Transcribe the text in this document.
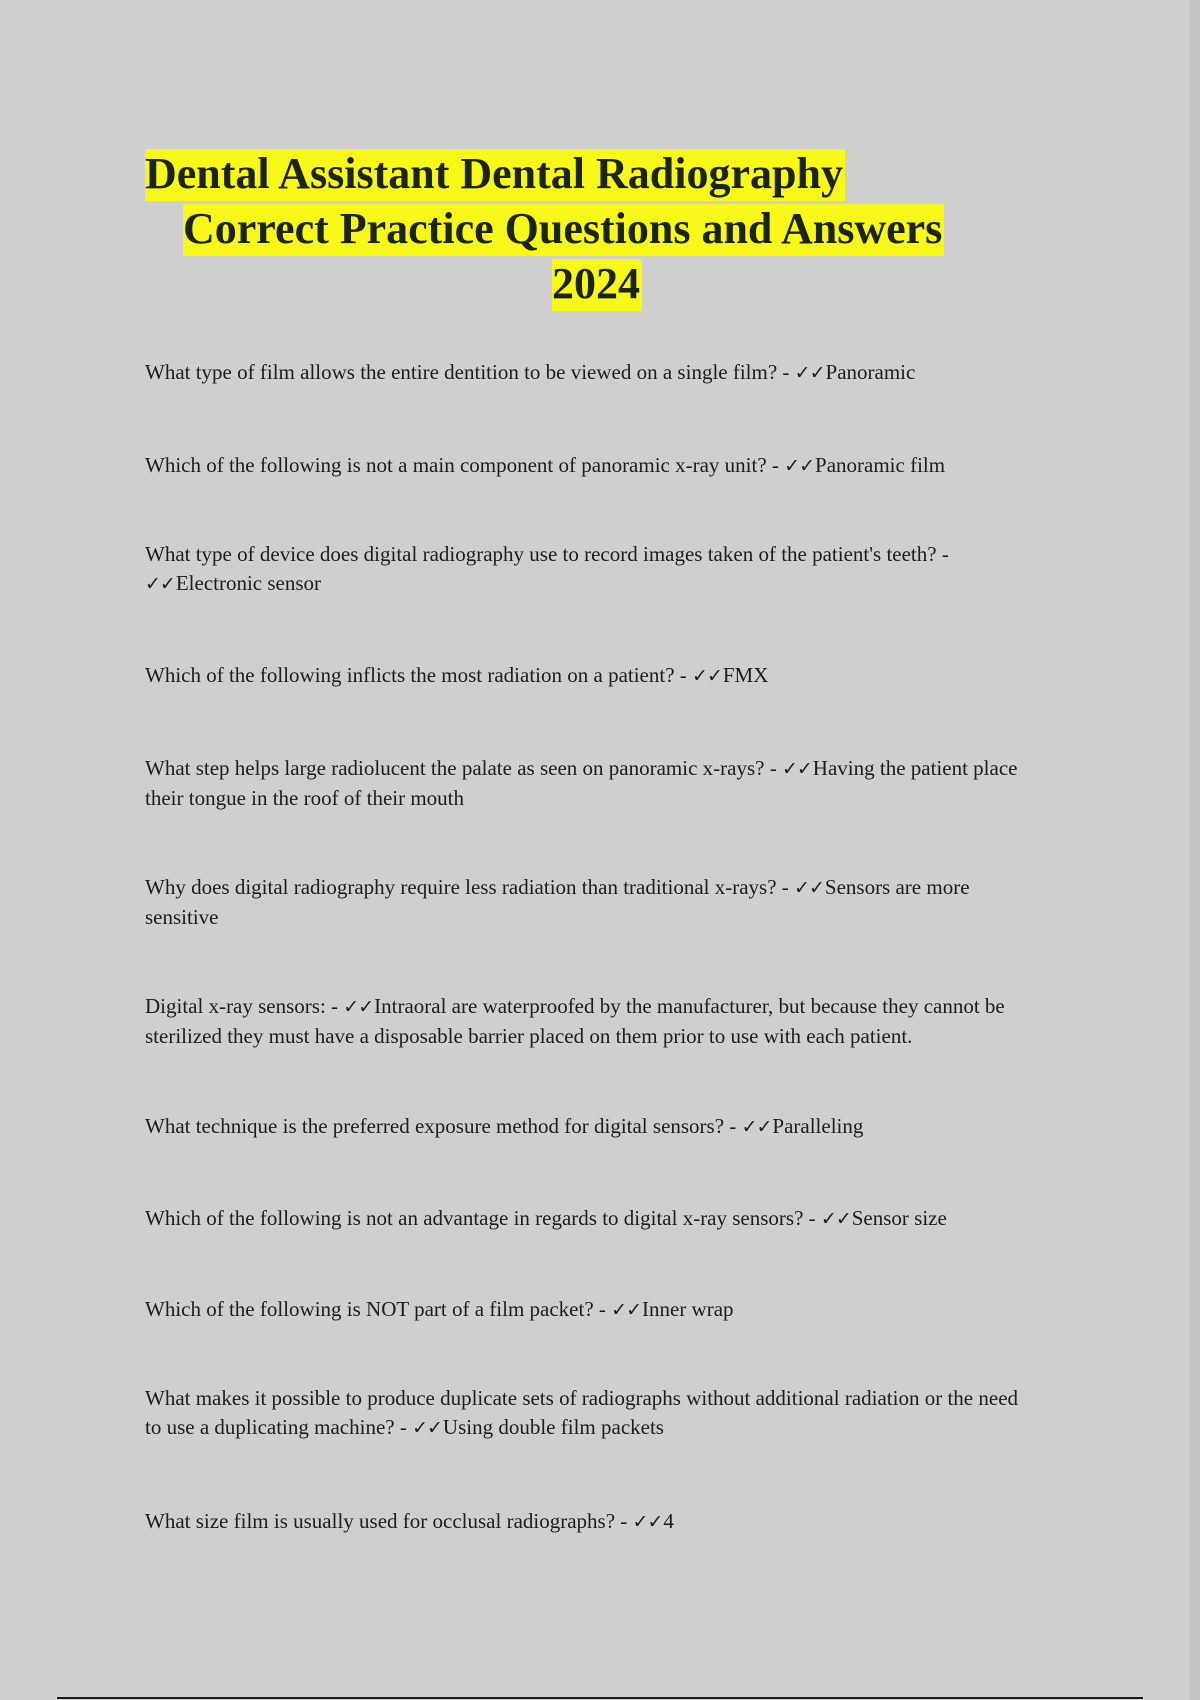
Dental Assistant Dental Radiography
Correct Practice Questions and Answers
2024

What type of film allows the entire dentition to be viewed on a single film? - ✓✓Panoramic

Which of the following is not a main component of panoramic x-ray unit? - ✓✓Panoramic film

What type of device does digital radiography use to record images taken of the patient's teeth? - ✓✓Electronic sensor

Which of the following inflicts the most radiation on a patient? - ✓✓FMX

What step helps large radiolucent the palate as seen on panoramic x-rays? - ✓✓Having the patient place their tongue in the roof of their mouth

Why does digital radiography require less radiation than traditional x-rays? - ✓✓Sensors are more sensitive

Digital x-ray sensors: - ✓✓Intraoral are waterproofed by the manufacturer, but because they cannot be sterilized they must have a disposable barrier placed on them prior to use with each patient.

What technique is the preferred exposure method for digital sensors? - ✓✓Paralleling

Which of the following is not an advantage in regards to digital x-ray sensors? - ✓✓Sensor size

Which of the following is NOT part of a film packet? - ✓✓Inner wrap

What makes it possible to produce duplicate sets of radiographs without additional radiation or the need to use a duplicating machine? - ✓✓Using double film packets

What size film is usually used for occlusal radiographs? - ✓✓4
